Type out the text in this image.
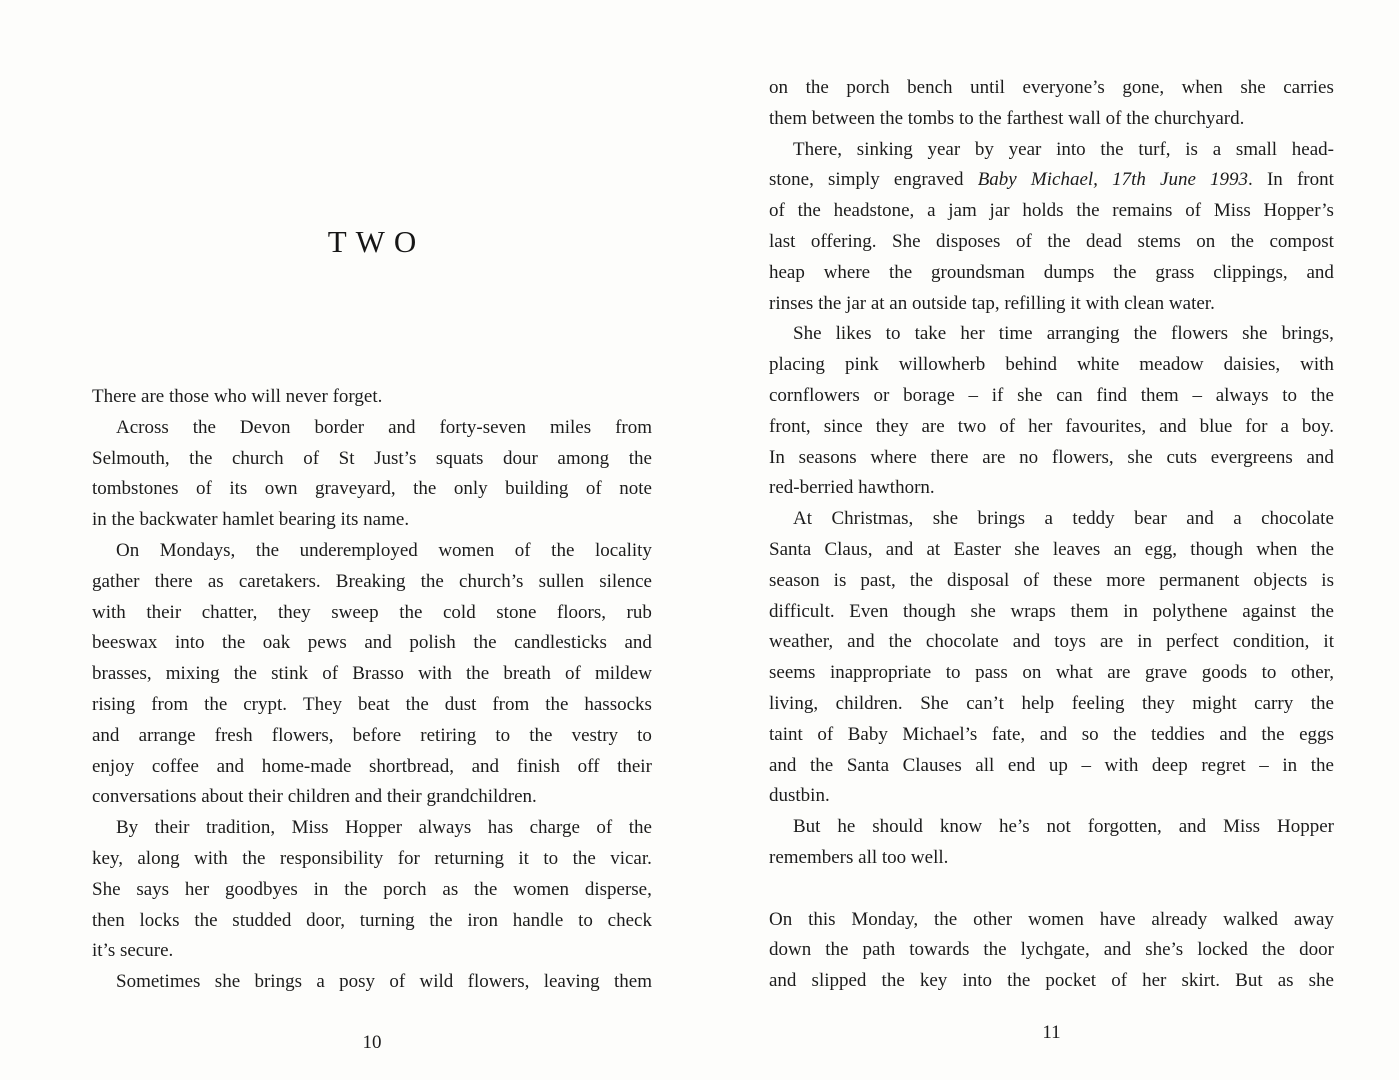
TWO
There are those who will never forget.
Across the Devon border and forty-seven miles from
Selmouth, the church of St Just’s squats dour among the
tombstones of its own graveyard, the only building of note
in the backwater hamlet bearing its name.
On Mondays, the underemployed women of the locality
gather there as caretakers. Breaking the church’s sullen silence
with their chatter, they sweep the cold stone floors, rub
beeswax into the oak pews and polish the candlesticks and
brasses, mixing the stink of Brasso with the breath of mildew
rising from the crypt. They beat the dust from the hassocks
and arrange fresh flowers, before retiring to the vestry to
enjoy coffee and home-made shortbread, and finish off their
conversations about their children and their grandchildren.
By their tradition, Miss Hopper always has charge of the
key, along with the responsibility for returning it to the vicar.
She says her goodbyes in the porch as the women disperse,
then locks the studded door, turning the iron handle to check
it’s secure.
Sometimes she brings a posy of wild flowers, leaving them
on the porch bench until everyone’s gone, when she carries
them between the tombs to the farthest wall of the churchyard.
There, sinking year by year into the turf, is a small head-
stone, simply engraved Baby Michael, 17th June 1993. In front
of the headstone, a jam jar holds the remains of Miss Hopper’s
last offering. She disposes of the dead stems on the compost
heap where the groundsman dumps the grass clippings, and
rinses the jar at an outside tap, refilling it with clean water.
She likes to take her time arranging the flowers she brings,
placing pink willowherb behind white meadow daisies, with
cornflowers or borage – if she can find them – always to the
front, since they are two of her favourites, and blue for a boy.
In seasons where there are no flowers, she cuts evergreens and
red-berried hawthorn.
At Christmas, she brings a teddy bear and a chocolate
Santa Claus, and at Easter she leaves an egg, though when the
season is past, the disposal of these more permanent objects is
difficult. Even though she wraps them in polythene against the
weather, and the chocolate and toys are in perfect condition, it
seems inappropriate to pass on what are grave goods to other,
living, children. She can’t help feeling they might carry the
taint of Baby Michael’s fate, and so the teddies and the eggs
and the Santa Clauses all end up – with deep regret – in the
dustbin.
But he should know he’s not forgotten, and Miss Hopper
remembers all too well.
On this Monday, the other women have already walked away
down the path towards the lychgate, and she’s locked the door
and slipped the key into the pocket of her skirt. But as she
10	11
